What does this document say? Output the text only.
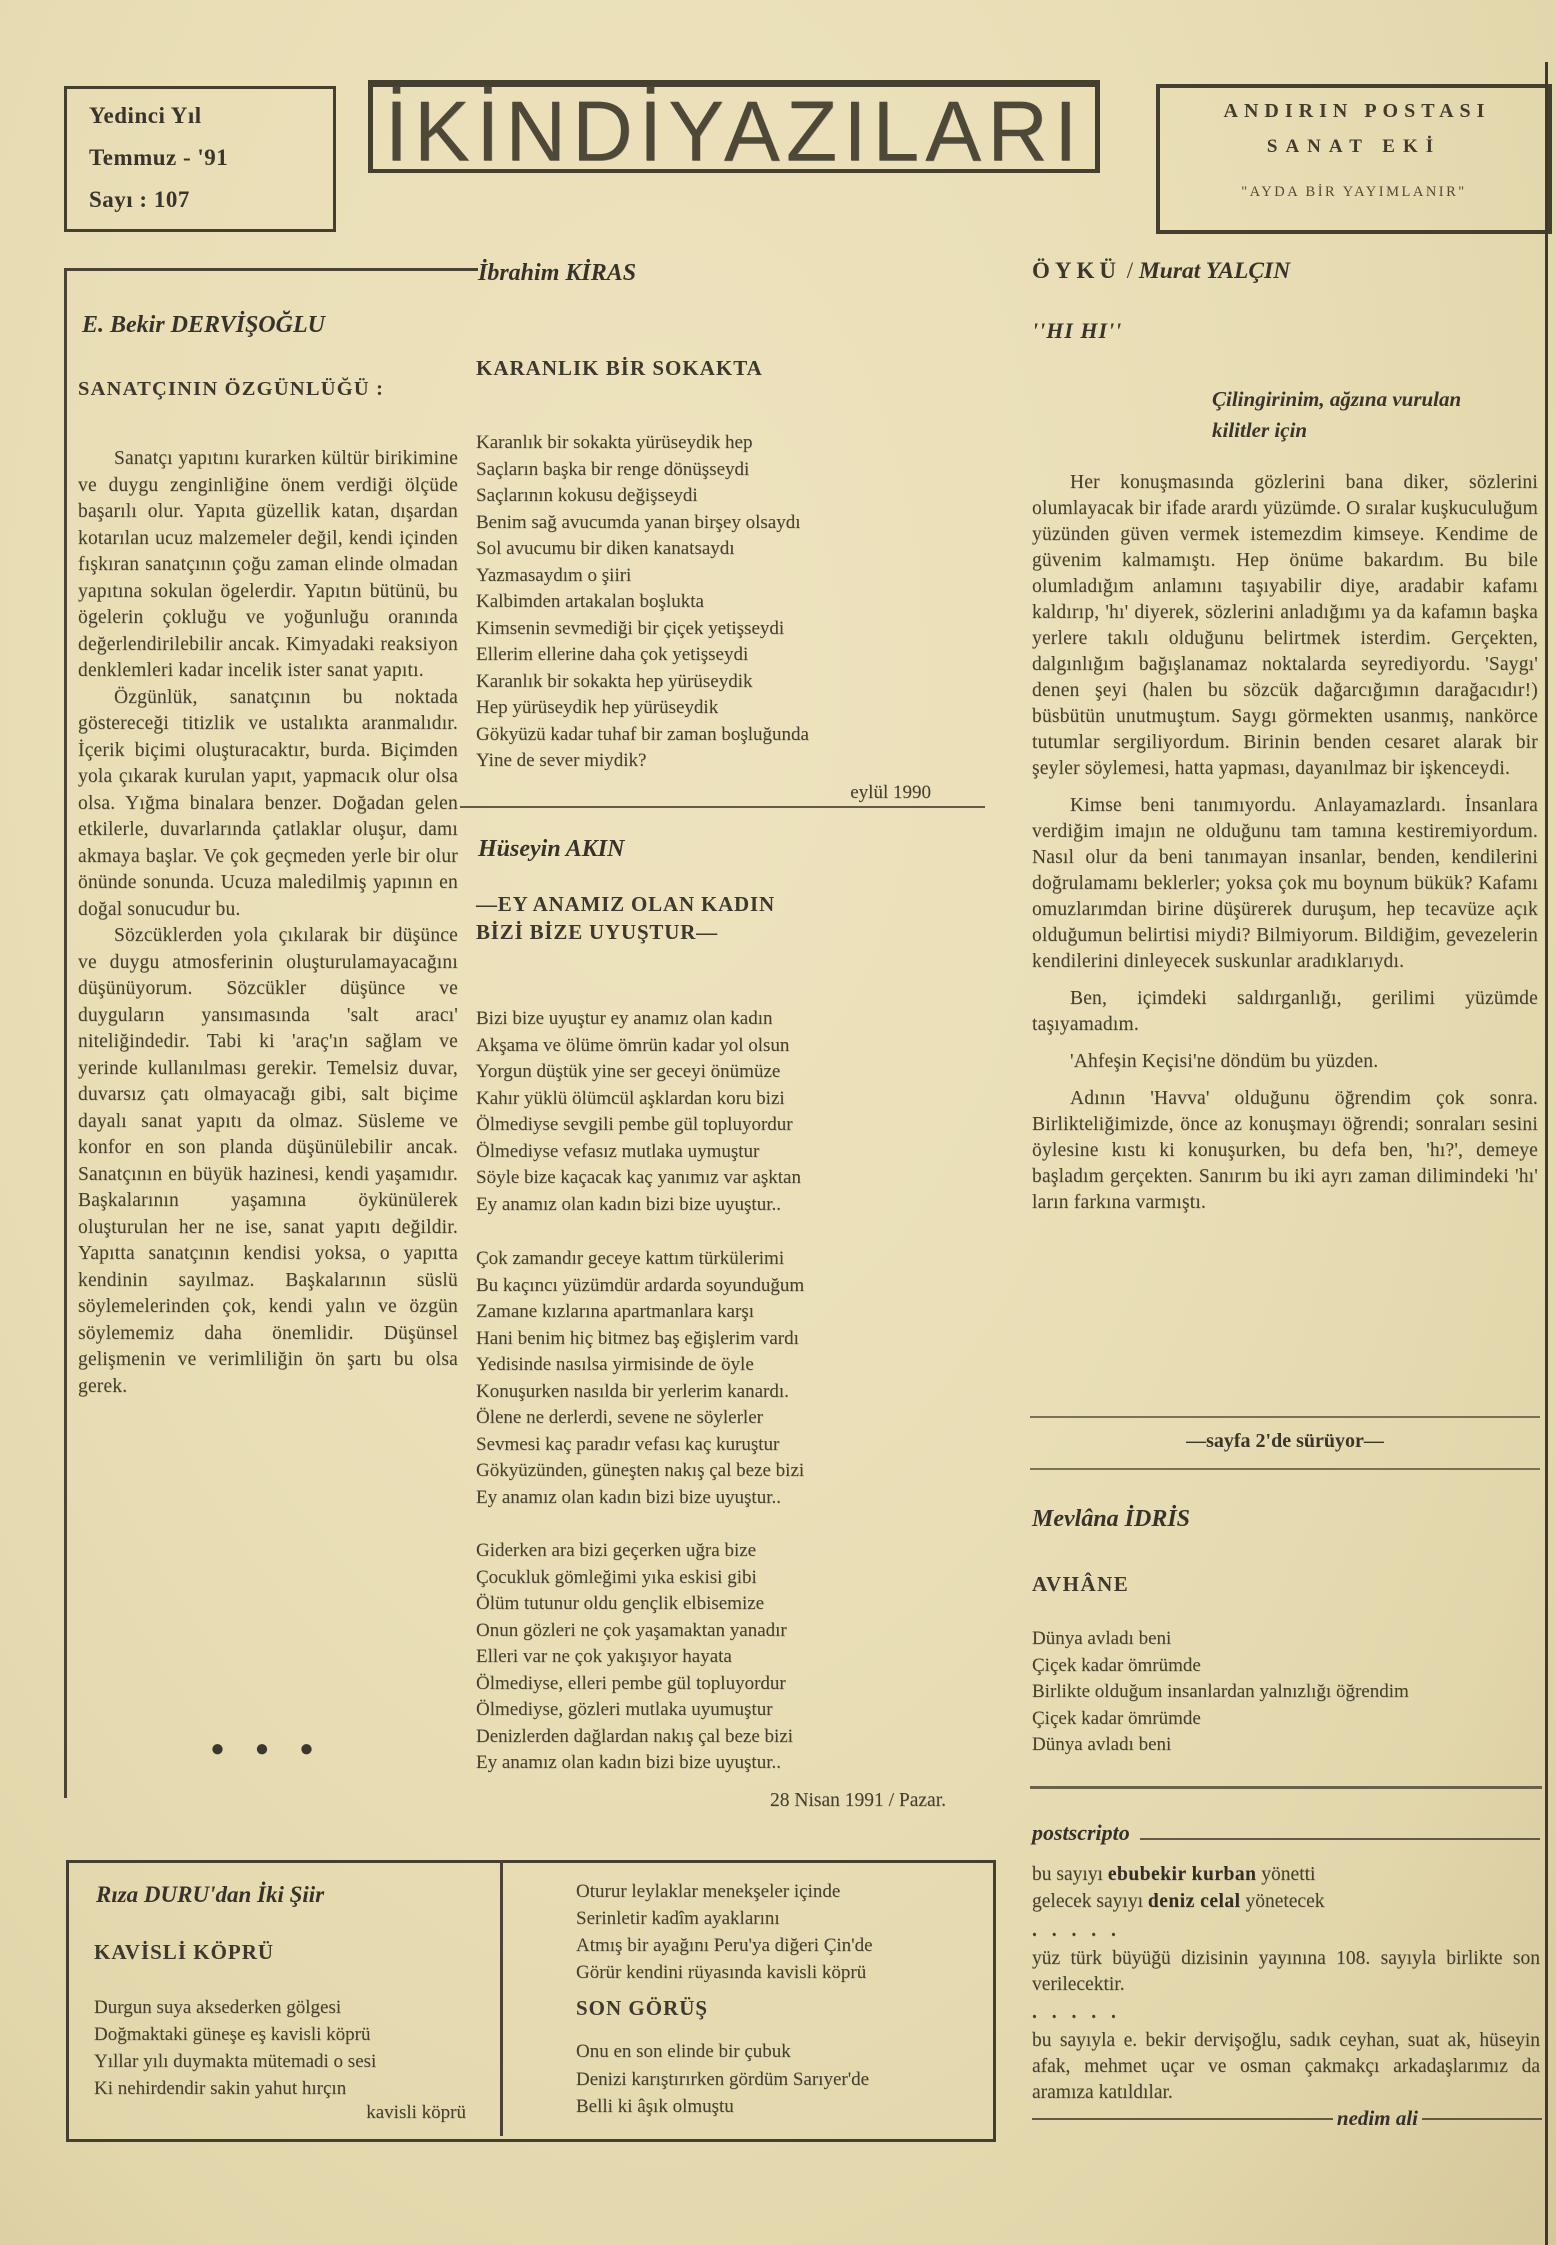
Yedinci Yıl
Temmuz - '91
Sayı : 107
İKİNDİYAZILARI	ANDIRIN POSTASI
SANAT EKİ
"AYDA BİR YAYIMLANIR"
E. Bekir DERVİŞOĞLU
SANATÇININ ÖZGÜNLÜĞÜ :

Sanatçı yapıtını kurarken kültür birikimine ve duygu zenginliğine önem verdiği ölçüde başarılı olur. Yapıta güzellik katan, dışardan kotarılan ucuz malzemeler değil, kendi içinden fışkıran sanatçının çoğu zaman elinde olmadan yapıtına sokulan ögelerdir. Yapıtın bütünü, bu ögelerin çokluğu ve yoğunluğu oranında değerlendirilebilir ancak. Kimyadaki reaksiyon denklemleri kadar incelik ister sanat yapıtı.

Özgünlük, sanatçının bu noktada göstereceği titizlik ve ustalıkta aranmalıdır. İçerik biçimi oluşturacaktır, burda. Biçimden yola çıkarak kurulan yapıt, yapmacık olur olsa olsa. Yığma binalara benzer. Doğadan gelen etkilerle, duvarlarında çatlaklar oluşur, damı akmaya başlar. Ve çok geçmeden yerle bir olur önünde sonunda. Ucuza maledilmiş yapının en doğal sonucudur bu.

Sözcüklerden yola çıkılarak bir düşünce ve duygu atmosferinin oluşturulamayacağını düşünüyorum. Sözcükler düşünce ve duyguların yansımasında 'salt aracı' niteliğindedir. Tabi ki 'araç'ın sağlam ve yerinde kullanılması gerekir. Temelsiz duvar, duvarsız çatı olmayacağı gibi, salt biçime dayalı sanat yapıtı da olmaz. Süsleme ve konfor en son planda düşünülebilir ancak. Sanatçının en büyük hazinesi, kendi yaşamıdır. Başkalarının yaşamına öykünülerek oluşturulan her ne ise, sanat yapıtı değildir. Yapıtta sanatçının kendisi yoksa, o yapıtta kendinin sayılmaz. Başkalarının süslü söylemelerinden çok, kendi yalın ve özgün söylememiz daha önemlidir. Düşünsel gelişmenin ve verimliliğin ön şartı bu olsa gerek.

● ● ●
İbrahim KİRAS
KARANLIK BİR SOKAKTA
Karanlık bir sokakta yürüseydik hep
Saçların başka bir renge dönüşseydi
Saçlarının kokusu değişseydi
Benim sağ avucumda yanan birşey olsaydı
Sol avucumu bir diken kanatsaydı
Yazmasaydım o şiiri
Kalbimden artakalan boşlukta
Kimsenin sevmediği bir çiçek yetişseydi
Ellerim ellerine daha çok yetişseydi
Karanlık bir sokakta hep yürüseydik
Hep yürüseydik hep yürüseydik
Gökyüzü kadar tuhaf bir zaman boşluğunda
Yine de sever miydik?
eylül 1990
Hüseyin AKIN
—EY ANAMIZ OLAN KADIN
BİZİ BİZE UYUŞTUR—
Bizi bize uyuştur ey anamız olan kadın
Akşama ve ölüme ömrün kadar yol olsun
Yorgun düştük yine ser geceyi önümüze
Kahır yüklü ölümcül aşklardan koru bizi
Ölmediyse sevgili pembe gül topluyordur
Ölmediyse vefasız mutlaka uymuştur
Söyle bize kaçacak kaç yanımız var aşktan
Ey anamız olan kadın bizi bize uyuştur..
Çok zamandır geceye kattım türkülerimi
Bu kaçıncı yüzümdür ardarda soyunduğum
Zamane kızlarına apartmanlara karşı
Hani benim hiç bitmez baş eğişlerim vardı
Yedisinde nasılsa yirmisinde de öyle
Konuşurken nasılda bir yerlerim kanardı.
Ölene ne derlerdi, sevene ne söylerler
Sevmesi kaç paradır vefası kaç kuruştur
Gökyüzünden, güneşten nakış çal beze bizi
Ey anamız olan kadın bizi bize uyuştur..
Giderken ara bizi geçerken uğra bize
Çocukluk gömleğimi yıka eskisi gibi
Ölüm tutunur oldu gençlik elbisemize
Onun gözleri ne çok yaşamaktan yanadır
Elleri var ne çok yakışıyor hayata
Ölmediyse, elleri pembe gül topluyordur
Ölmediyse, gözleri mutlaka uyumuştur
Denizlerden dağlardan nakış çal beze bizi
Ey anamız olan kadın bizi bize uyuştur..
28 Nisan 1991 / Pazar.
ÖYKÜ / Murat YALÇIN
''HI HI''
Çilingirinim, ağzına vurulan
kilitler için

Her konuşmasında gözlerini bana diker, sözlerini olumlayacak bir ifade arardı yüzümde. O sıralar kuşkuculuğum yüzünden güven vermek istemezdim kimseye. Kendime de güvenim kalmamıştı. Hep önüme bakardım. Bu bile olumladığım anlamını taşıyabilir diye, aradabir kafamı kaldırıp, 'hı' diyerek, sözlerini anladığımı ya da kafamın başka yerlere takılı olduğunu belirtmek isterdim. Gerçekten, dalgınlığım bağışlanamaz noktalarda seyrediyordu. 'Saygı' denen şeyi (halen bu sözcük dağarcığımın darağacıdır!) büsbütün unutmuştum. Saygı görmekten usanmış, nankörce tutumlar sergiliyordum. Birinin benden cesaret alarak bir şeyler söylemesi, hatta yapması, dayanılmaz bir işkenceydi.

Kimse beni tanımıyordu. Anlayamazlardı. İnsanlara verdiğim imajın ne olduğunu tam tamına kestiremiyordum. Nasıl olur da beni tanımayan insanlar, benden, kendilerini doğrulamamı beklerler; yoksa çok mu boynum bükük? Kafamı omuzlarımdan birine düşürerek duruşum, hep tecavüze açık olduğumun belirtisi miydi? Bilmiyorum. Bildiğim, gevezelerin kendilerini dinleyecek suskunlar aradıklarıydı.

Ben, içimdeki saldırganlığı, gerilimi yüzümde taşıyamadım.

'Ahfeşin Keçisi'ne döndüm bu yüzden.

Adının 'Havva' olduğunu öğrendim çok sonra. Birlikteliğimizde, önce az konuşmayı öğrendi; sonraları sesini öylesine kıstı ki konuşurken, bu defa ben, 'hı?', demeye başladım gerçekten. Sanırım bu iki ayrı zaman dilimindeki 'hı' ların farkına varmıştı.

—sayfa 2'de sürüyor—
Mevlâna İDRİS
AVHÂNE
Dünya avladı beni
Çiçek kadar ömrümde
Birlikte olduğum insanlardan yalnızlığı öğrendim
Çiçek kadar ömrümde
Dünya avladı beni
postscripto
bu sayıyı ebubekir kurban yönetti
gelecek sayıyı deniz celal yönetecek
. . . . .
yüz türk büyüğü dizisinin yayınına 108. sayıyla birlikte son verilecektir.
. . . . .
bu sayıyla e. bekir dervişoğlu, sadık ceyhan, suat ak, hüseyin afak, mehmet uçar ve osman çakmakçı arkadaşlarımız da aramıza katıldılar.
nedim ali
Rıza DURU'dan İki Şiir
KAVİSLİ KÖPRÜ
Durgun suya aksederken gölgesi
Doğmaktaki güneşe eş kavisli köprü
Yıllar yılı duymakta mütemadi o sesi
Ki nehirdendir sakin yahut hırçın
kavisli köprü
Oturur leylaklar menekşeler içinde
Serinletir kadîm ayaklarını
Atmış bir ayağını Peru'ya diğeri Çin'de
Görür kendini rüyasında kavisli köprü
SON GÖRÜŞ
Onu en son elinde bir çubuk
Denizi karıştırırken gördüm Sarıyer'de
Belli ki âşık olmuştu
